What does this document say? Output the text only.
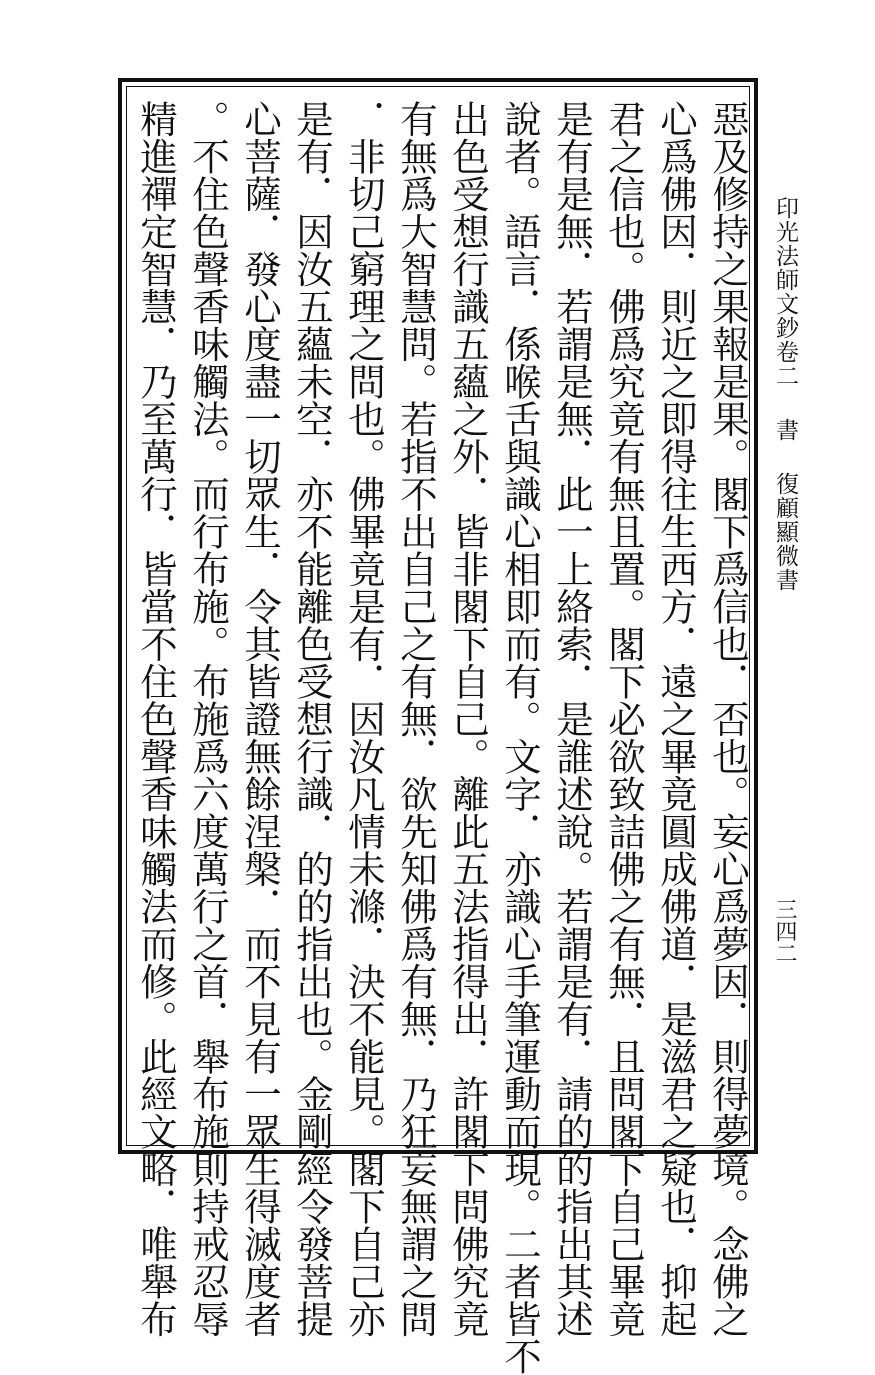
印光法師文鈔卷二書復顧顯微書
三四二
惡及修持之果報是果。閣下爲信也．否也。妄心爲夢因．則得夢境。念佛之
心爲佛因．則近之即得往生西方．遠之畢竟圓成佛道．是滋君之疑也．抑起
君之信也。佛爲究竟有無且置。閣下必欲致詰佛之有無．且問閣下自己畢竟
是有是無．若謂是無．此一上絡索．是誰述說。若謂是有．請的的指出其述
說者。語言．係喉舌與識心相即而有。文字．亦識心手筆運動而現。二者皆不
出色受想行識五蘊之外．皆非閣下自己。離此五法指得出．許閣下問佛究竟
有無爲大智慧問。若指不出自己之有無．欲先知佛爲有無．乃狂妄無謂之問
．非切己窮理之問也。佛畢竟是有．因汝凡情未滌．決不能見。閣下自己亦
是有．因汝五蘊未空．亦不能離色受想行識．的的指出也。金剛經令發菩提
心菩薩．發心度盡一切眾生．令其皆證無餘涅槃．而不見有一眾生得滅度者
。不住色聲香味觸法。而行布施。布施爲六度萬行之首．舉布施則持戒忍辱
精進禪定智慧．乃至萬行．皆當不住色聲香味觸法而修。此經文略．唯舉布
